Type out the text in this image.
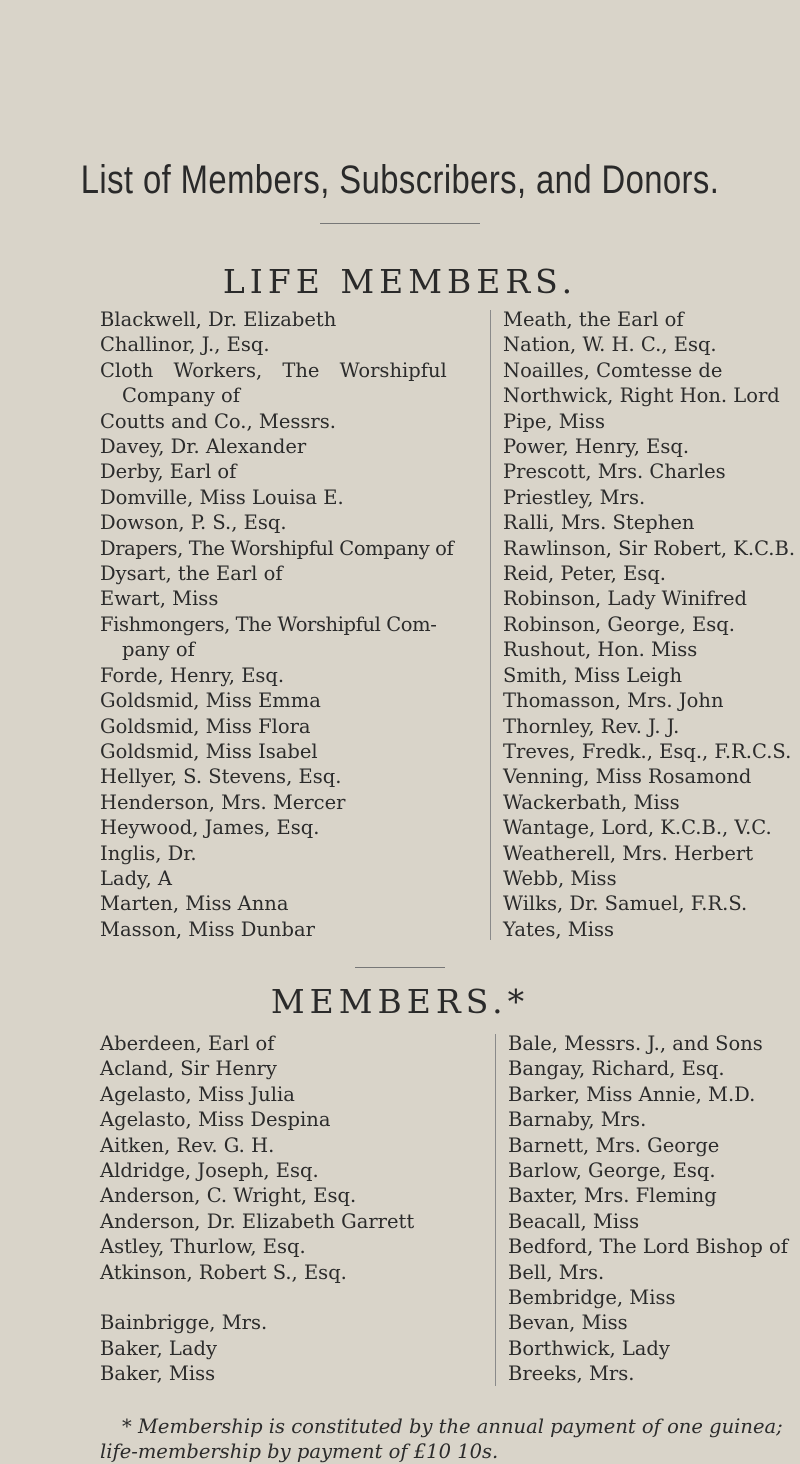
List of Members, Subscribers, and Donors.
LIFE MEMBERS.
Blackwell, Dr. Elizabeth
Challinor, J., Esq.
Cloth Workers, The Worshipful
Company of
Coutts and Co., Messrs.
Davey, Dr. Alexander
Derby, Earl of
Domville, Miss Louisa E.
Dowson, P. S., Esq.
Drapers, The Worshipful Company of
Dysart, the Earl of
Ewart, Miss
Fishmongers, The Worshipful Com-
pany of
Forde, Henry, Esq.
Goldsmid, Miss Emma
Goldsmid, Miss Flora
Goldsmid, Miss Isabel
Hellyer, S. Stevens, Esq.
Henderson, Mrs. Mercer
Heywood, James, Esq.
Inglis, Dr.
Lady, A
Marten, Miss Anna
Masson, Miss Dunbar
Meath, the Earl of
Nation, W. H. C., Esq.
Noailles, Comtesse de
Northwick, Right Hon. Lord
Pipe, Miss
Power, Henry, Esq.
Prescott, Mrs. Charles
Priestley, Mrs.
Ralli, Mrs. Stephen
Rawlinson, Sir Robert, K.C.B.
Reid, Peter, Esq.
Robinson, Lady Winifred
Robinson, George, Esq.
Rushout, Hon. Miss
Smith, Miss Leigh
Thomasson, Mrs. John
Thornley, Rev. J. J.
Treves, Fredk., Esq., F.R.C.S.
Venning, Miss Rosamond
Wackerbath, Miss
Wantage, Lord, K.C.B., V.C.
Weatherell, Mrs. Herbert
Webb, Miss
Wilks, Dr. Samuel, F.R.S.
Yates, Miss
MEMBERS.*
Aberdeen, Earl of
Acland, Sir Henry
Agelasto, Miss Julia
Agelasto, Miss Despina
Aitken, Rev. G. H.
Aldridge, Joseph, Esq.
Anderson, C. Wright, Esq.
Anderson, Dr. Elizabeth Garrett
Astley, Thurlow, Esq.
Atkinson, Robert S., Esq.
Bainbrigge, Mrs.
Baker, Lady
Baker, Miss
Bale, Messrs. J., and Sons
Bangay, Richard, Esq.
Barker, Miss Annie, M.D.
Barnaby, Mrs.
Barnett, Mrs. George
Barlow, George, Esq.
Baxter, Mrs. Fleming
Beacall, Miss
Bedford, The Lord Bishop of
Bell, Mrs.
Bembridge, Miss
Bevan, Miss
Borthwick, Lady
Breeks, Mrs.
* Membership is constituted by the annual payment of one guinea; life-membership by payment of £10 10s.
